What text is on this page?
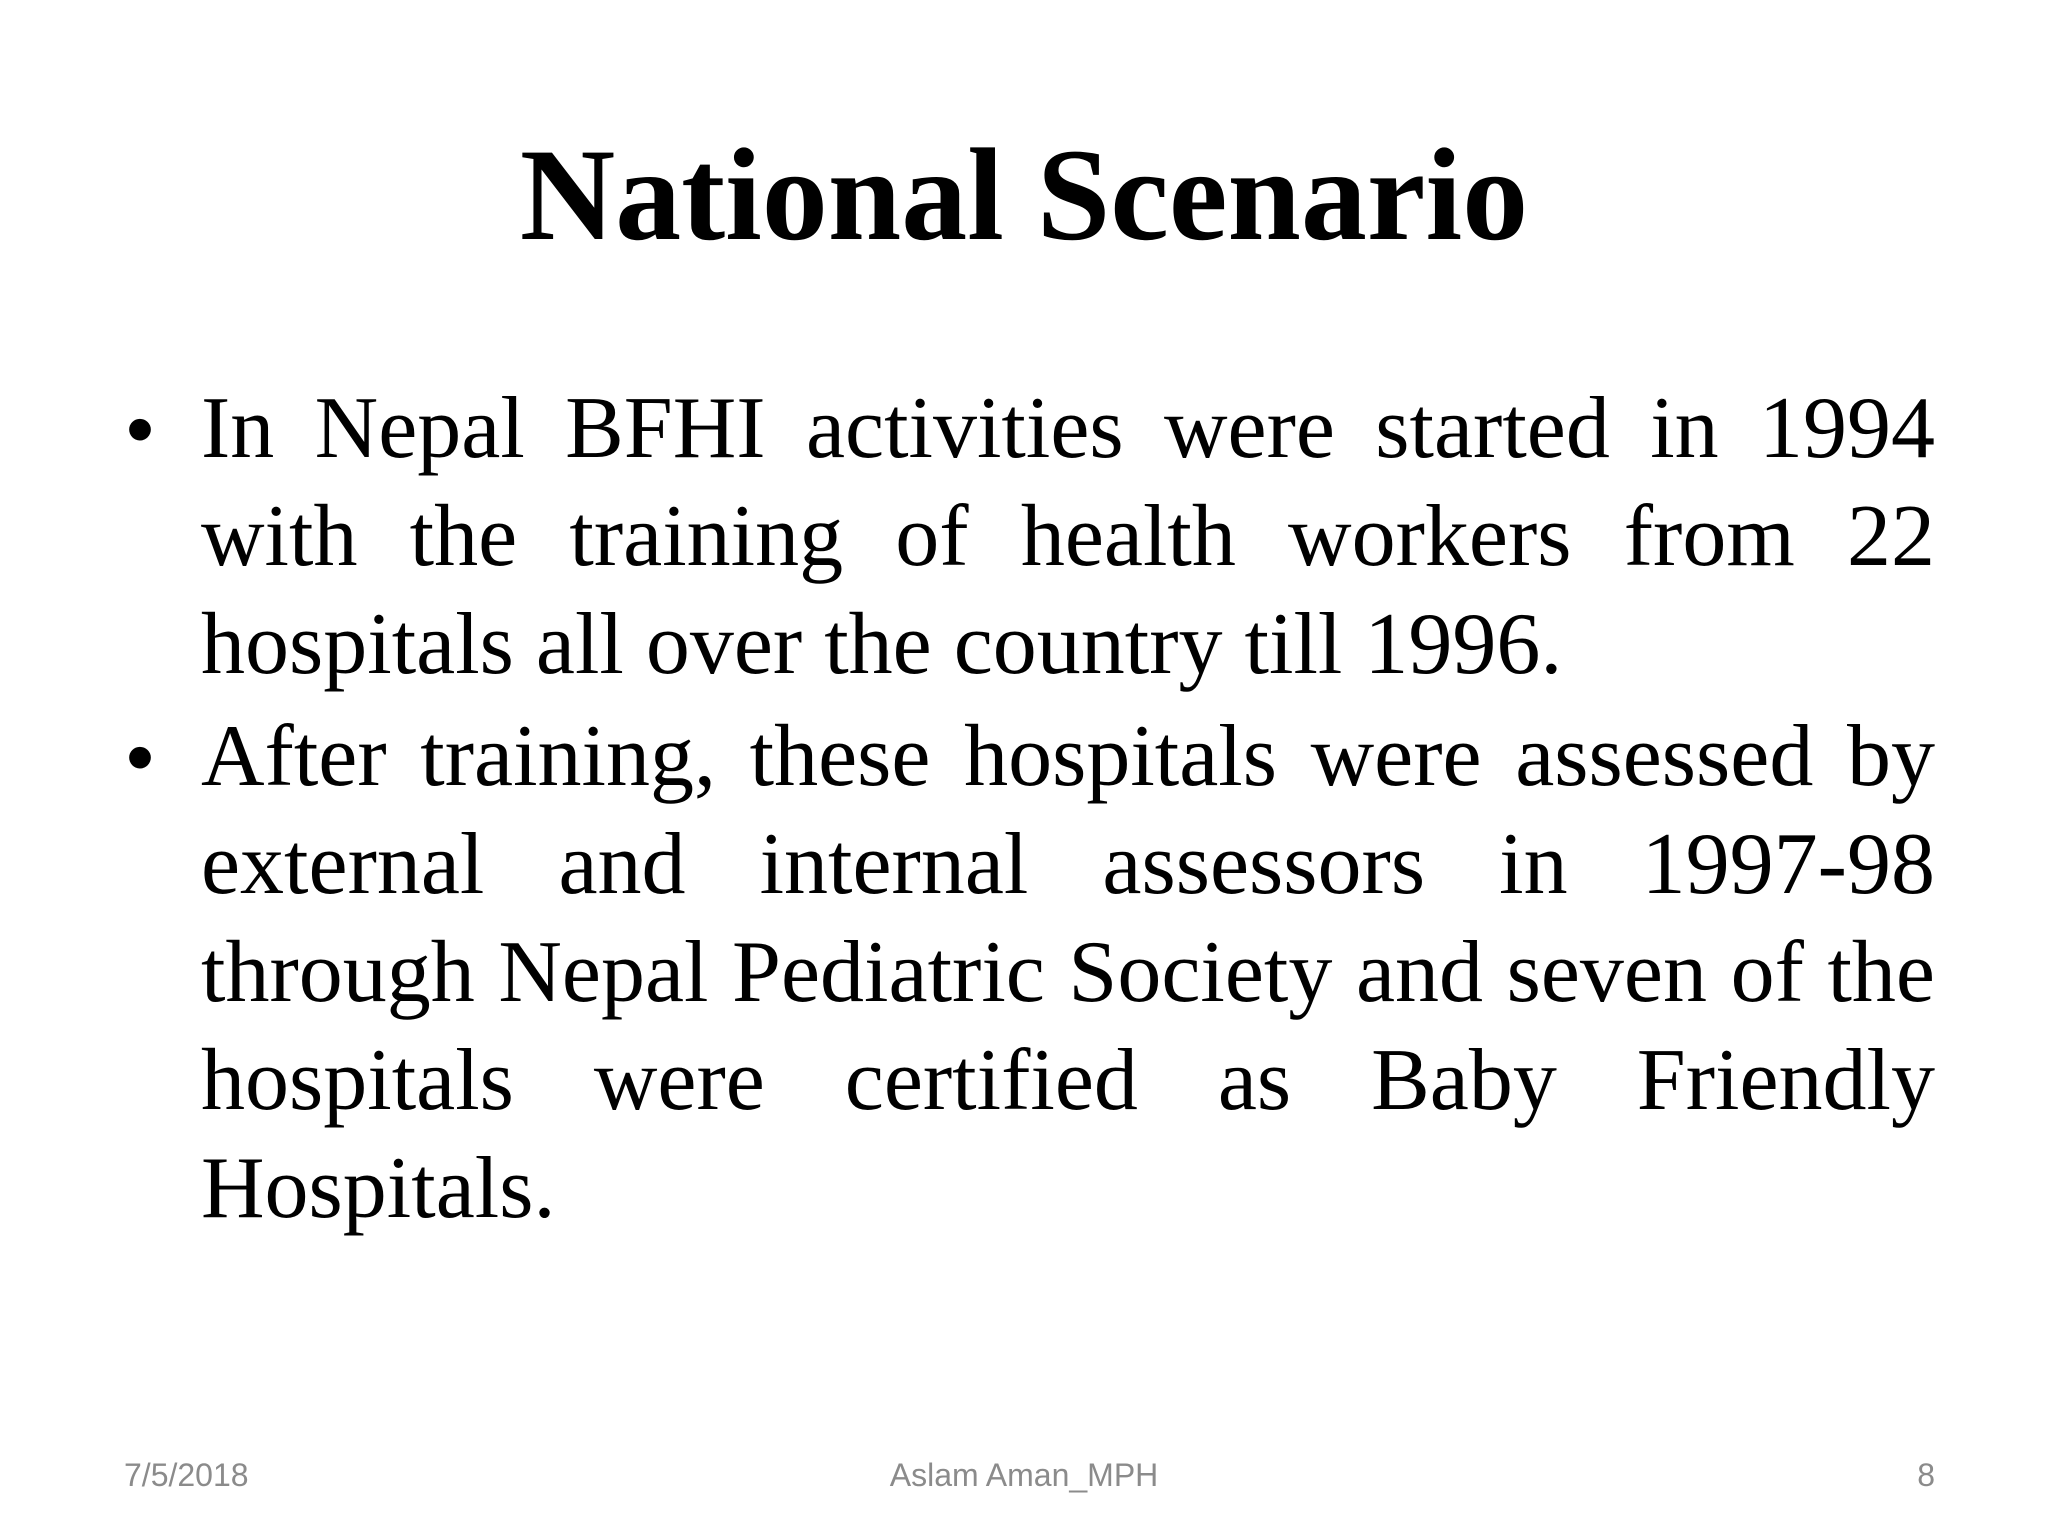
National Scenario
• In Nepal BFHI activities were started in 1994 with the training of health workers from 22 hospitals all over the country till 1996.
• After training, these hospitals were assessed by external and internal assessors in 1997-98 through Nepal Pediatric Society and seven of the hospitals were certified as Baby Friendly Hospitals.
7/5/2018	Aslam Aman_MPH	8
